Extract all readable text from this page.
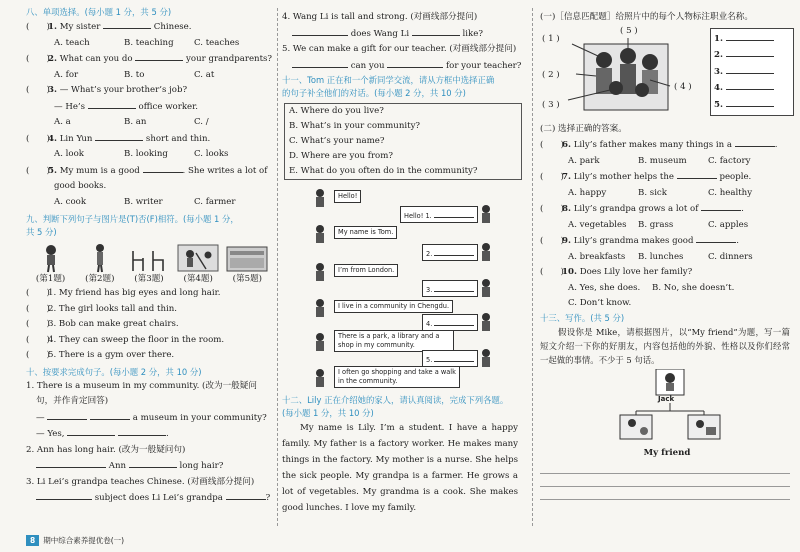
八、单项选择。(每小题 1 分，共 5 分)
(　　)1. My sister	Chinese.
A. teach	B. teaching	C. teaches
(　　)2. What can you do	your grandparents?
A. for	B. to	C. at
(　　)3. — What’s your brother’s job?
— He’s	office worker.
A. a	B. an	C. /
(　　)4. Lin Yun	short and thin.
A. look	B. looking	C. looks
(　　)5. My mum is a good	. She writes a lot of
good books.
A. cook	B. writer	C. farmer
九、判断下列句子与图片是(T)否(F)相符。(每小题 1 分，
共 5 分)
(第1题) (第2题) (第3题) (第4题) (第5题)
(　　)1. My friend has big eyes and long hair.
(　　)2. The girl looks tall and thin.
(　　)3. Bob can make great chairs.
(　　)4. They can sweep the floor in the room.
(　　)5. There is a gym over there.
十、按要求完成句子。(每小题 2 分，共 10 分)
1. There is a museum in my community. (改为一般疑问
句，并作肯定回答)
—	a museum in your community?
— Yes,	.
2. Ann has long hair. (改为一般疑问句)
Ann	long hair?
3. Li Lei’s grandpa teaches Chinese. (对画线部分提问)
subject does Li Lei’s grandpa	?
4. Wang Li is tall and strong. (对画线部分提问)
does Wang Li	like?
5. We can make a gift for our teacher. (对画线部分提问)
can you	for your teacher?
十一、Tom 正在和一个新同学交流，请从方框中选择正确
的句子补全他们的对话。(每小题 2 分，共 10 分)
A. Where do you live?
B. What’s in your community?
C. What’s your name?
D. Where are you from?
E. What do you often do in the community?
Hello!
Hello! 1.
My name is Tom.
2.
I’m from London.
3.
I live in a community in Chengdu.
4.
There is a park, a library and a shop in my community.
5.
I often go shopping and take a walk in the community.
十二、Lily 正在介绍她的家人，请认真阅读，完成下列各题。
(每小题 1 分，共 10 分)
My name is Lily. I’m a student. I have a happy family. My father is a factory worker. He makes many things in the factory. My mother is a nurse. She helps the sick people. My grandpa is a farmer. He grows a lot of vegetables. My grandma is a cook. She makes good lunches. I love my family.
(一)［信息匹配题］给照片中的每个人物标注职业名称。
( 1 )
( 5 )
( 2 )
( 3 )
( 4 )
1.
2.
3.
4.
5.
(二) 选择正确的答案。
(　　)6. Lily’s father makes many things in a	.
A. park	B. museum	C. factory
(　　)7. Lily’s mother helps the	people.
A. happy	B. sick	C. healthy
(　　)8. Lily’s grandpa grows a lot of	.
A. vegetables	B. grass	C. apples
(　　)9. Lily’s grandma makes good	.
A. breakfasts	B. lunches	C. dinners
(　　)10. Does Lily love her family?
A. Yes, she does.	B. No, she doesn’t.
C. Don’t know.
十三、写作。(共 5 分)
假设你是 Mike，请根据图片，以“My friend”为题，写一篇短文介绍一下你的好朋友，内容包括他的外貌、性格以及你们经常一起做的事情。不少于 5 句话。
Jack
My friend
8	期中综合素养提优卷(一)
